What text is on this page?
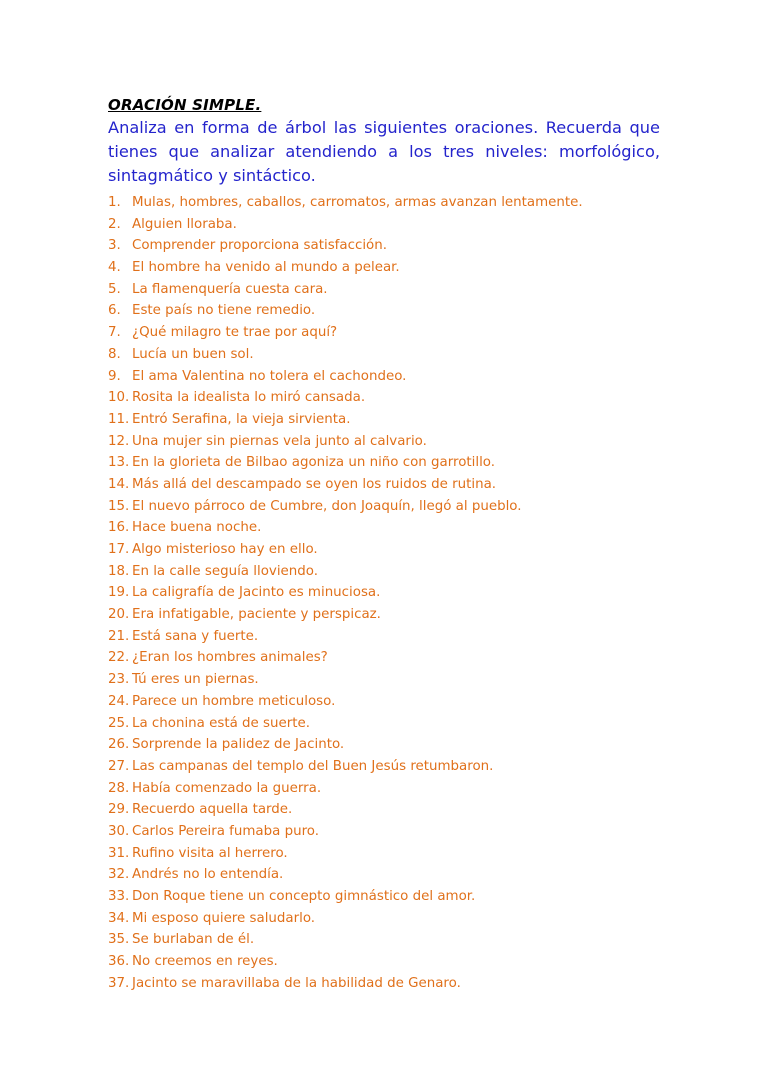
ORACIÓN SIMPLE.

Analiza en forma de árbol las siguientes oraciones. Recuerda que tienes que analizar atendiendo a los tres niveles: morfológico, sintagmático y sintáctico.

1. Mulas, hombres, caballos, carromatos, armas avanzan lentamente.
2. Alguien lloraba.
3. Comprender proporciona satisfacción.
4. El hombre ha venido al mundo a pelear.
5. La flamenquería cuesta cara.
6. Este país no tiene remedio.
7. ¿Qué milagro te trae por aquí?
8. Lucía un buen sol.
9. El ama Valentina no tolera el cachondeo.
10. Rosita la idealista lo miró cansada.
11. Entró Serafina, la vieja sirvienta.
12. Una mujer sin piernas vela junto al calvario.
13. En la glorieta de Bilbao agoniza un niño con garrotillo.
14. Más allá del descampado se oyen los ruidos de rutina.
15. El nuevo párroco de Cumbre, don Joaquín, llegó al pueblo.
16. Hace buena noche.
17. Algo misterioso hay en ello.
18. En la calle seguía lloviendo.
19. La caligrafía de Jacinto es minuciosa.
20. Era infatigable, paciente y perspicaz.
21. Está sana y fuerte.
22. ¿Eran los hombres animales?
23. Tú eres un piernas.
24. Parece un hombre meticuloso.
25. La chonina está de suerte.
26. Sorprende la palidez de Jacinto.
27. Las campanas del templo del Buen Jesús retumbaron.
28. Había comenzado la guerra.
29. Recuerdo aquella tarde.
30. Carlos Pereira fumaba puro.
31. Rufino visita al herrero.
32. Andrés no lo entendía.
33. Don Roque tiene un concepto gimnástico del amor.
34. Mi esposo quiere saludarlo.
35. Se burlaban de él.
36. No creemos en reyes.
37. Jacinto se maravillaba de la habilidad de Genaro.
